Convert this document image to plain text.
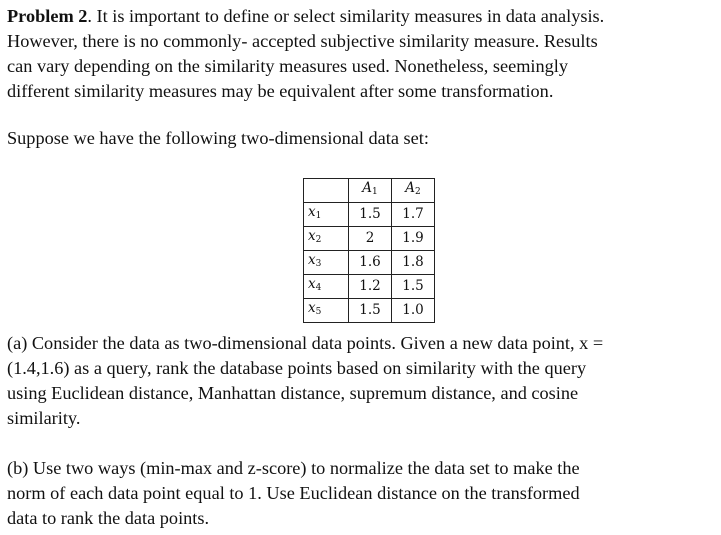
Problem 2. It is important to define or select similarity measures in data analysis.
However, there is no commonly- accepted subjective similarity measure. Results
can vary depending on the similarity measures used. Nonetheless, seemingly
different similarity measures may be equivalent after some transformation.

Suppose we have the following two-dimensional data set:

	$A_1$	$A_2$
$x_1$	1.5	1.7
$x_2$	2	1.9
$x_3$	1.6	1.8
$x_4$	1.2	1.5
$x_5$	1.5	1.0

(a) Consider the data as two-dimensional data points. Given a new data point, x =
(1.4,1.6) as a query, rank the database points based on similarity with the query
using Euclidean distance, Manhattan distance, supremum distance, and cosine
similarity.

(b) Use two ways (min-max and z-score) to normalize the data set to make the
norm of each data point equal to 1. Use Euclidean distance on the transformed
data to rank the data points.
